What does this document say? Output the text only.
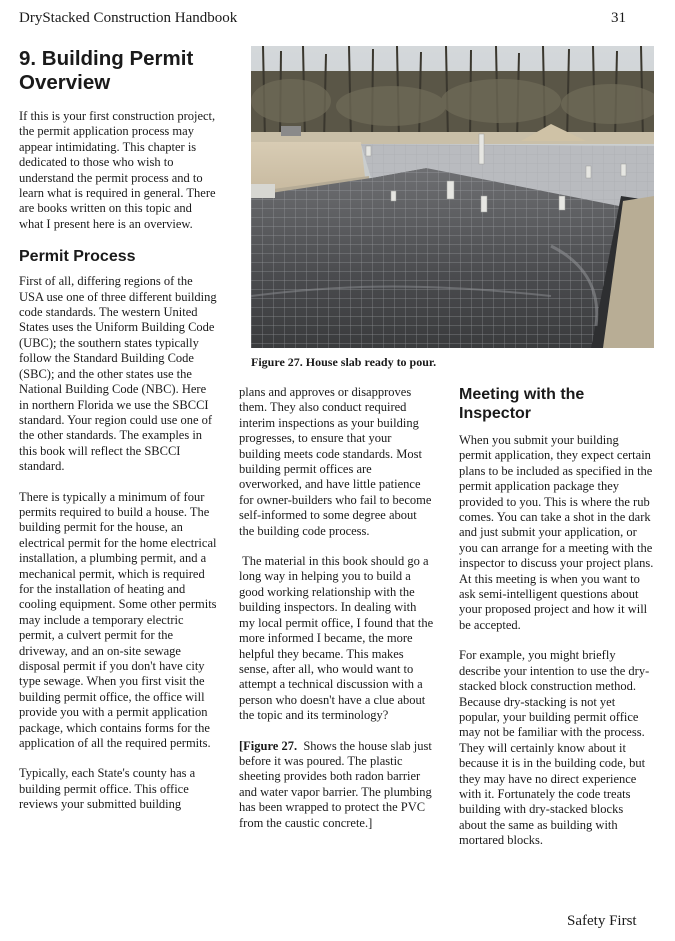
DryStacked Construction Handbook	31
9. Building Permit Overview

If this is your first construction project, the permit application process may appear intimidating. This chapter is dedicated to those who wish to understand the permit process and to learn what is required in general. There are books written on this topic and what I present here is an overview.

Permit Process

First of all, differing regions of the USA use one of three different building code standards. The western United States uses the Uniform Building Code (UBC); the southern states typically follow the Standard Building Code (SBC); and the other states use the National Building Code (NBC). Here in northern Florida we use the SBCCI standard. Your region could use one of the other standards. The examples in this book will reflect the SBCCI standard.

There is typically a minimum of four permits required to build a house. The building permit for the house, an electrical permit for the home electrical installation, a plumbing permit, and a mechanical permit, which is required for the installation of heating and cooling equipment. Some other permits may include a temporary electric permit, a culvert permit for the driveway, and an on-site sewage disposal permit if you don't have city type sewage. When you first visit the building permit office, the office will provide you with a permit application package, which contains forms for the application of all the required permits.

Typically, each State's county has a building permit office. This office reviews your submitted building

Figure 27. House slab ready to pour.

plans and approves or disapproves them. They also conduct required interim inspections as your building progresses, to ensure that your building meets code standards. Most building permit offices are overworked, and have little patience for owner-builders who fail to become self-informed to some degree about the building code process.

The material in this book should go a long way in helping you to build a good working relationship with the building inspectors. In dealing with my local permit office, I found that the more informed I became, the more helpful they became. This makes sense, after all, who would want to attempt a technical discussion with a person who doesn't have a clue about the topic and its terminology?

[Figure 27.  Shows the house slab just before it was poured. The plastic sheeting provides both radon barrier and water vapor barrier. The plumbing has been wrapped to protect the PVC from the caustic concrete.]

Meeting with the Inspector

When you submit your building permit application, they expect certain plans to be included as specified in the permit application package they provided to you. This is where the rub comes. You can take a shot in the dark and just submit your application, or you can arrange for a meeting with the inspector to discuss your project plans. At this meeting is when you want to ask semi-intelligent questions about your proposed project and how it will be accepted.

For example, you might briefly describe your intention to use the dry-stacked block construction method. Because dry-stacking is not yet popular, your building permit office may not be familiar with the process. They will certainly know about it because it is in the building code, but they may have no direct experience with it. Fortunately the code treats building with dry-stacked blocks about the same as building with mortared blocks.

Safety First
